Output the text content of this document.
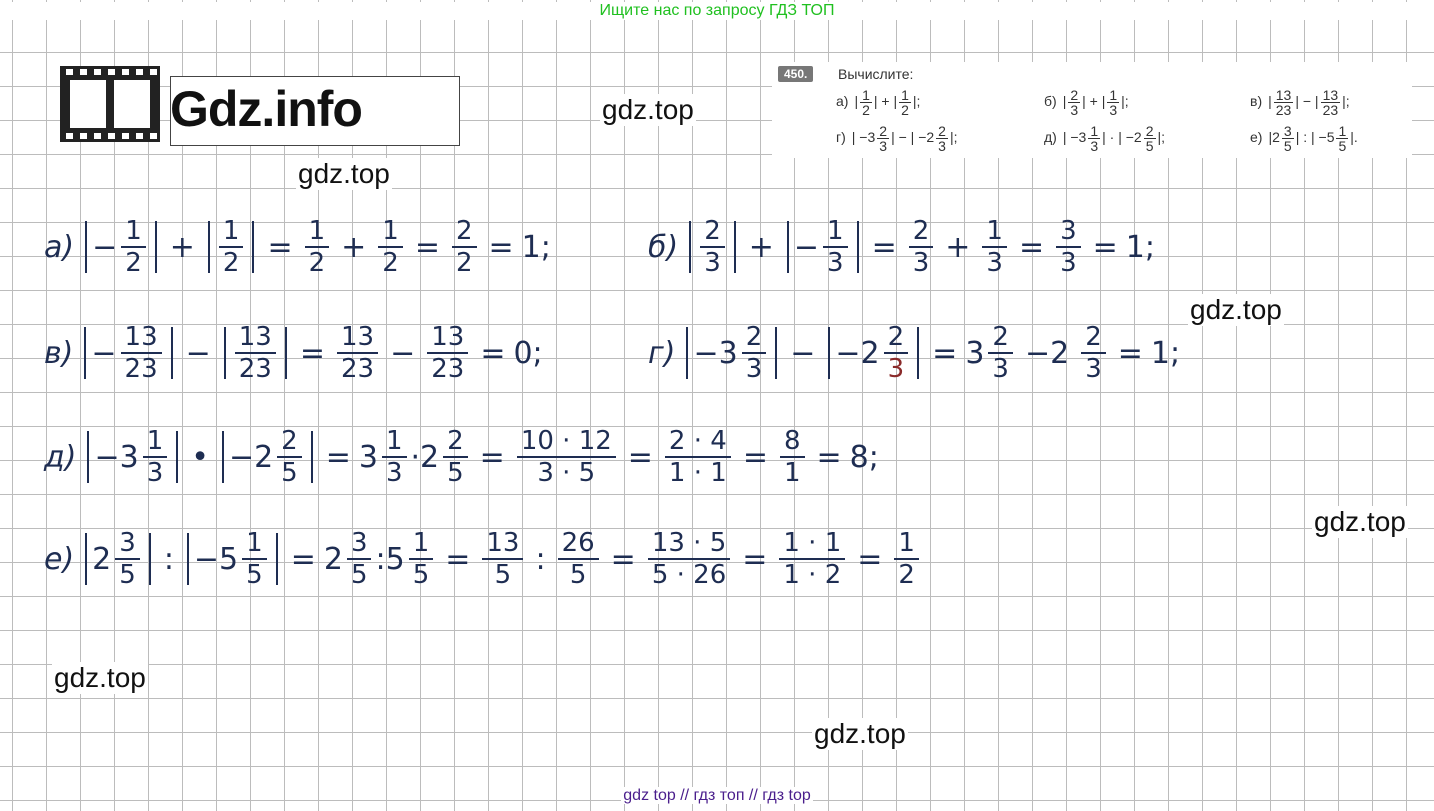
Ищите нас по запросу ГДЗ ТОП
gdz top // гдз топ // гдз top
Gdz.info	gdz.top
gdz.top
gdz.top
gdz.top
gdz.top
gdz.top
450.	Вычислите:
а) | $\frac{1}{2}$ | + | $\frac{1}{2}$ |;	б) | $\frac{2}{3}$ | + | $\frac{1}{3}$ |;	в) | $\frac{13}{23}$ | − | $\frac{13}{23}$ |;
г) | $-3 \frac{2}{3}$ | − | $-2 \frac{2}{3}$ |;	д) | $-3 \frac{1}{3}$ | · | $-2 \frac{2}{5}$ |;	е) $|2 \frac{3}{5}$ | : | $-5 \frac{1}{5}$ |.
$а) - \frac{1}{2} + \frac{1}{2} = \frac{1}{2} + \frac{1}{2} = \frac{2}{2} = 1$;	$б) \frac{2}{3}$ + − $\frac{1}{3} = \frac{2}{3} + \frac{1}{3} = \frac{3}{3} = 1$;
$в) - \frac{13}{23} - \frac{13}{23} = \frac{13}{23} - \frac{13}{23} = 0$;	$г) -3 \frac{2}{3} - -2 \frac{2}{3} = 3 \frac{2}{3} -2 \frac{2}{3} = 1$;
$д) -3 \frac{1}{3}$ • $-2 \frac{2}{5} = 3 \frac{1}{3} \cdot 2 \frac{2}{5} = \frac{10 \cdot 12}{3 \cdot 5} = \frac{2 \cdot 4}{1 \cdot 1} = \frac{8}{1} = 8$;
е) $2 \frac{3}{5}$ : $-5 \frac{1}{5} = 2 \frac{3}{5}$ :5 $\frac{1}{5} = \frac{13}{5}$ : $\frac{26}{5} = \frac{13 \cdot 5}{5 \cdot 26} = \frac{1 \cdot 1}{1 \cdot 2} = \frac{1}{2}$
